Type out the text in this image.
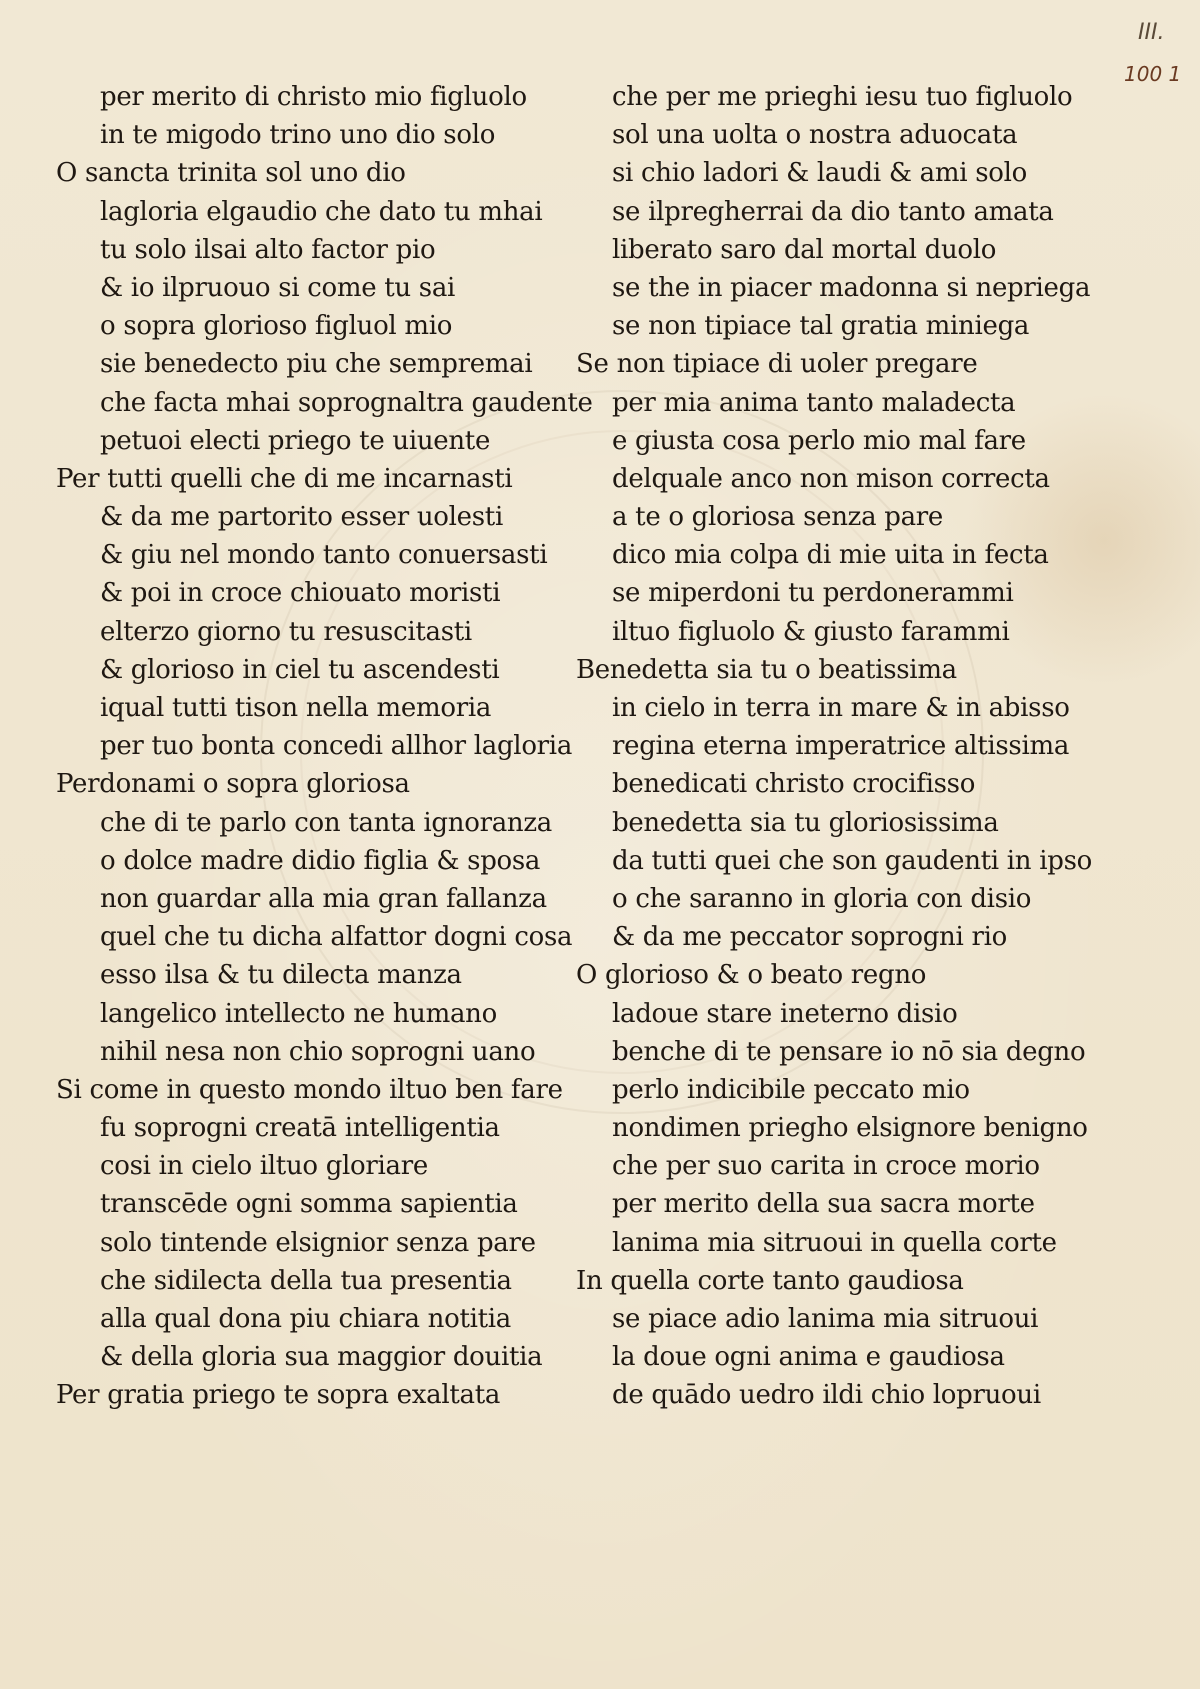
III.
100 1
per merito di christo mio figluolo
in te migodo trino uno dio solo
O sancta trinita sol uno dio
lagloria elgaudio che dato tu mhai
tu solo ilsai alto factor pio
& io ilpruouo si come tu sai
o sopra glorioso figluol mio
sie benedecto piu che sempremai
che facta mhai soprognaltra gaudente
petuoi electi priego te uiuente
Per tutti quelli che di me incarnasti
& da me partorito esser uolesti
& giu nel mondo tanto conuersasti
& poi in croce chiouato moristi
elterzo giorno tu resuscitasti
& glorioso in ciel tu ascendesti
iqual tutti tison nella memoria
per tuo bonta concedi allhor lagloria
Perdonami o sopra gloriosa
che di te parlo con tanta ignoranza
o dolce madre didio figlia & sposa
non guardar alla mia gran fallanza
quel che tu dicha alfattor dogni cosa
esso ilsa & tu dilecta manza
langelico intellecto ne humano
nihil nesa non chio soprogni uano
Si come in questo mondo iltuo ben fare
fu soprogni creatā intelligentia
cosi in cielo iltuo gloriare
transcēde ogni somma sapientia
solo tintende elsignior senza pare
che sidilecta della tua presentia
alla qual dona piu chiara notitia
& della gloria sua maggior douitia
Per gratia priego te sopra exaltata
che per me prieghi iesu tuo figluolo
sol una uolta o nostra aduocata
si chio ladori & laudi & ami solo
se ilpregherrai da dio tanto amata
liberato saro dal mortal duolo
se the in piacer madonna si nepriega
se non tipiace tal gratia miniega
Se non tipiace di uoler pregare
per mia anima tanto maladecta
e giusta cosa perlo mio mal fare
delquale anco non mison correcta
a te o gloriosa senza pare
dico mia colpa di mie uita in fecta
se miperdoni tu perdonerammi
iltuo figluolo & giusto farammi
Benedetta sia tu o beatissima
in cielo in terra in mare & in abisso
regina eterna imperatrice altissima
benedicati christo crocifisso
benedetta sia tu gloriosissima
da tutti quei che son gaudenti in ipso
o che saranno in gloria con disio
& da me peccator soprogni rio
O glorioso & o beato regno
ladoue stare ineterno disio
benche di te pensare io nō sia degno
perlo indicibile peccato mio
nondimen priegho elsignore benigno
che per suo carita in croce morio
per merito della sua sacra morte
lanima mia sitruoui in quella corte
In quella corte tanto gaudiosa
se piace adio lanima mia sitruoui
la doue ogni anima e gaudiosa
de quādo uedro ildi chio lopruoui
